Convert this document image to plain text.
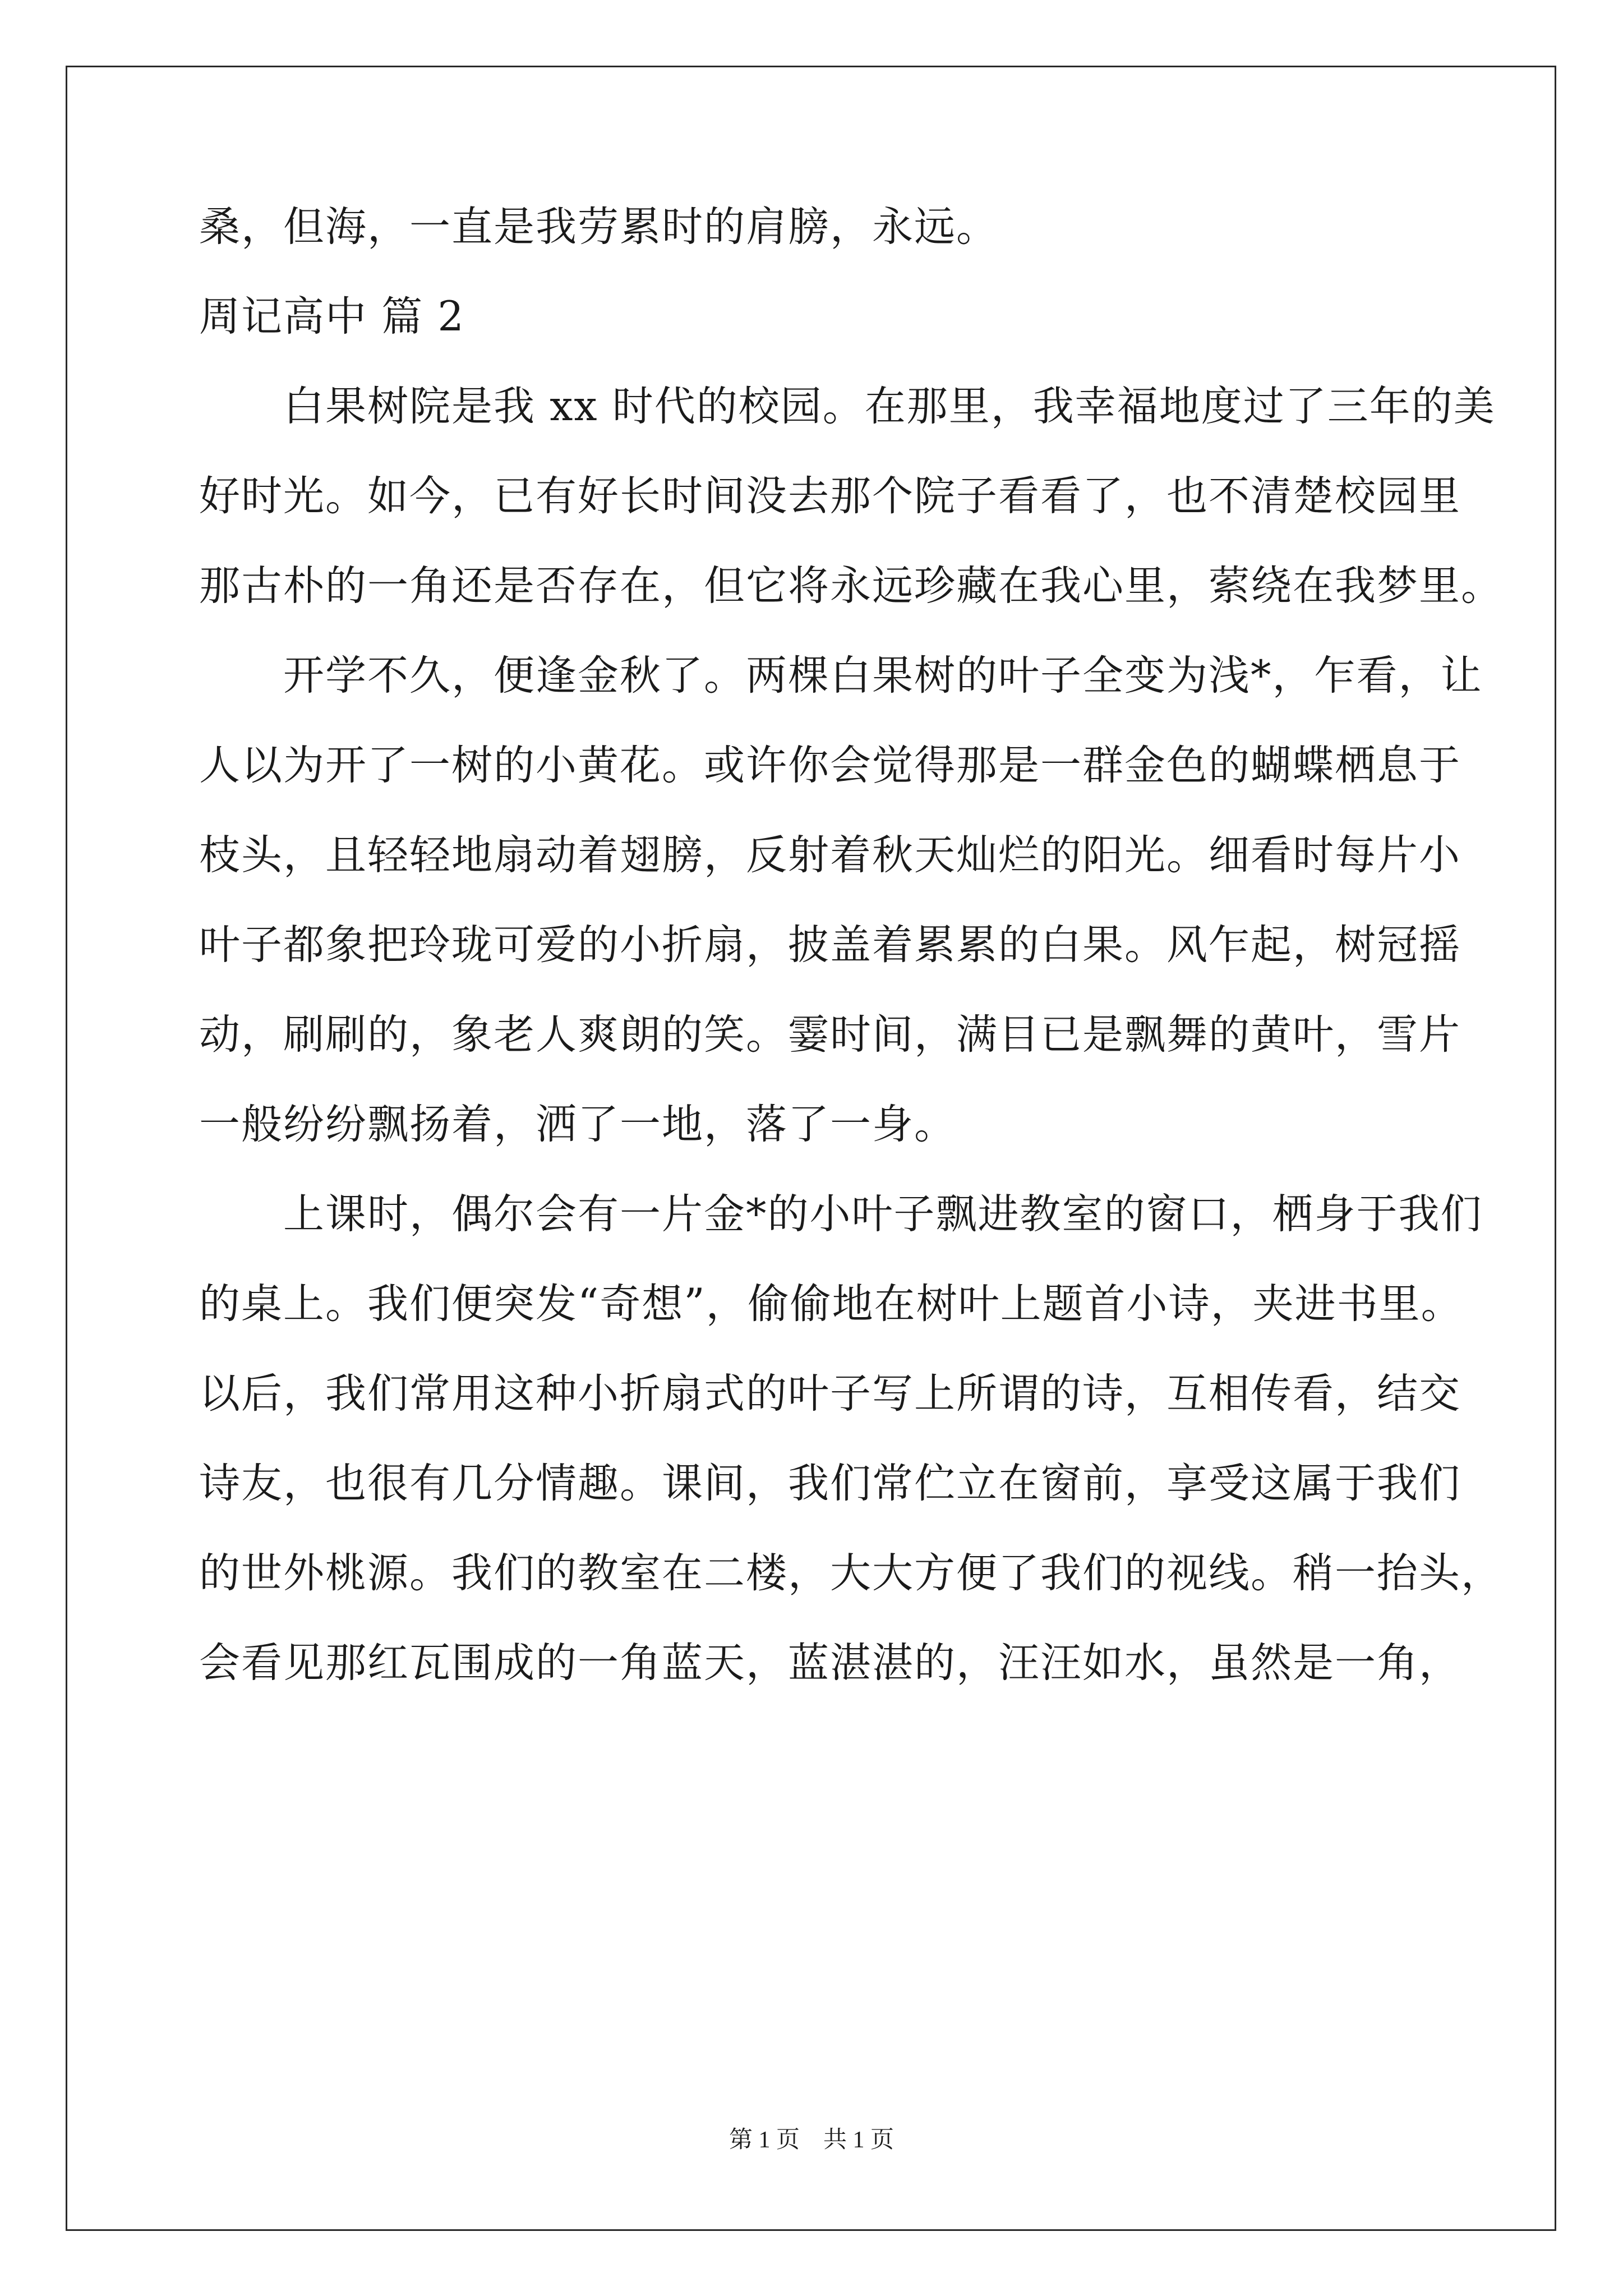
桑，但海，一直是我劳累时的肩膀，永远。
周记高中 篇 2
白果树院是我 xx 时代的校园。在那里，我幸福地度过了三年的美
好时光。如今，已有好长时间没去那个院子看看了，也不清楚校园里
那古朴的一角还是否存在，但它将永远珍藏在我心里，萦绕在我梦里。
开学不久，便逢金秋了。两棵白果树的叶子全变为浅*，乍看，让
人以为开了一树的小黄花。或许你会觉得那是一群金色的蝴蝶栖息于
枝头，且轻轻地扇动着翅膀，反射着秋天灿烂的阳光。细看时每片小
叶子都象把玲珑可爱的小折扇，披盖着累累的白果。风乍起，树冠摇
动，刷刷的，象老人爽朗的笑。霎时间，满目已是飘舞的黄叶，雪片
一般纷纷飘扬着，洒了一地，落了一身。
上课时，偶尔会有一片金*的小叶子飘进教室的窗口，栖身于我们
的桌上。我们便突发“奇想”，偷偷地在树叶上题首小诗，夹进书里。
以后，我们常用这种小折扇式的叶子写上所谓的诗，互相传看，结交
诗友，也很有几分情趣。课间，我们常伫立在窗前，享受这属于我们
的世外桃源。我们的教室在二楼，大大方便了我们的视线。稍一抬头，
会看见那红瓦围成的一角蓝天，蓝湛湛的，汪汪如水，虽然是一角，
第 1 页　共 1 页
